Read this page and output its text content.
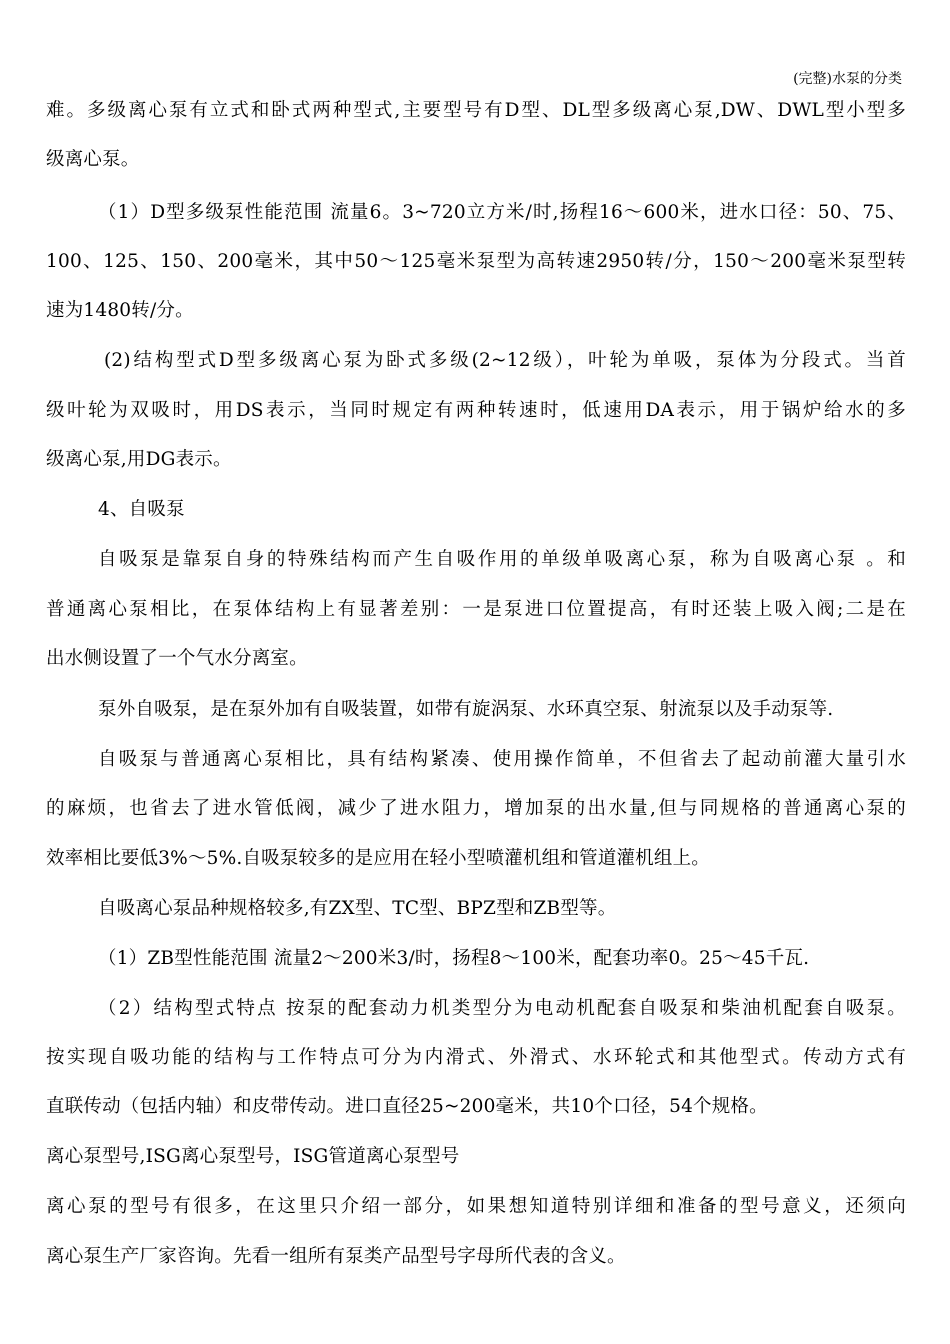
(完整)水泵的分类
难。多级离心泵有立式和卧式两种型式,主要型号有D型、DL型多级离心泵,DW、DWL型小型多
级离心泵。
（1）D型多级泵性能范围 流量6。3~720立方米/时,扬程16～600米，进水口径：50、75、
100、125、150、200毫米，其中50～125毫米泵型为高转速2950转/分，150～200毫米泵型转
速为1480转/分。
(2)结构型式D型多级离心泵为卧式多级(2~12级），叶轮为单吸，泵体为分段式。当首
级叶轮为双吸时，用DS表示，当同时规定有两种转速时，低速用DA表示，用于锅炉给水的多
级离心泵,用DG表示。
4、自吸泵
自吸泵是靠泵自身的特殊结构而产生自吸作用的单级单吸离心泵，称为自吸离心泵 。和
普通离心泵相比，在泵体结构上有显著差别：一是泵进口位置提高，有时还装上吸入阀;二是在
出水侧设置了一个气水分离室。
泵外自吸泵，是在泵外加有自吸装置，如带有旋涡泵、水环真空泵、射流泵以及手动泵等.
自吸泵与普通离心泵相比，具有结构紧凑、使用操作简单，不但省去了起动前灌大量引水
的麻烦，也省去了进水管低阀，减少了进水阻力，增加泵的出水量,但与同规格的普通离心泵的
效率相比要低3%～5%.自吸泵较多的是应用在轻小型喷灌机组和管道灌机组上。
自吸离心泵品种规格较多,有ZX型、TC型、BPZ型和ZB型等。
（1）ZB型性能范围 流量2～200米3/时，扬程8～100米，配套功率0。25～45千瓦.
（2）结构型式特点 按泵的配套动力机类型分为电动机配套自吸泵和柴油机配套自吸泵。
按实现自吸功能的结构与工作特点可分为内滑式、外滑式、水环轮式和其他型式。传动方式有
直联传动（包括内轴）和皮带传动。进口直径25~200毫米，共10个口径，54个规格。
离心泵型号,ISG离心泵型号，ISG管道离心泵型号
离心泵的型号有很多，在这里只介绍一部分，如果想知道特别详细和准备的型号意义，还须向
离心泵生产厂家咨询。先看一组所有泵类产品型号字母所代表的含义。
